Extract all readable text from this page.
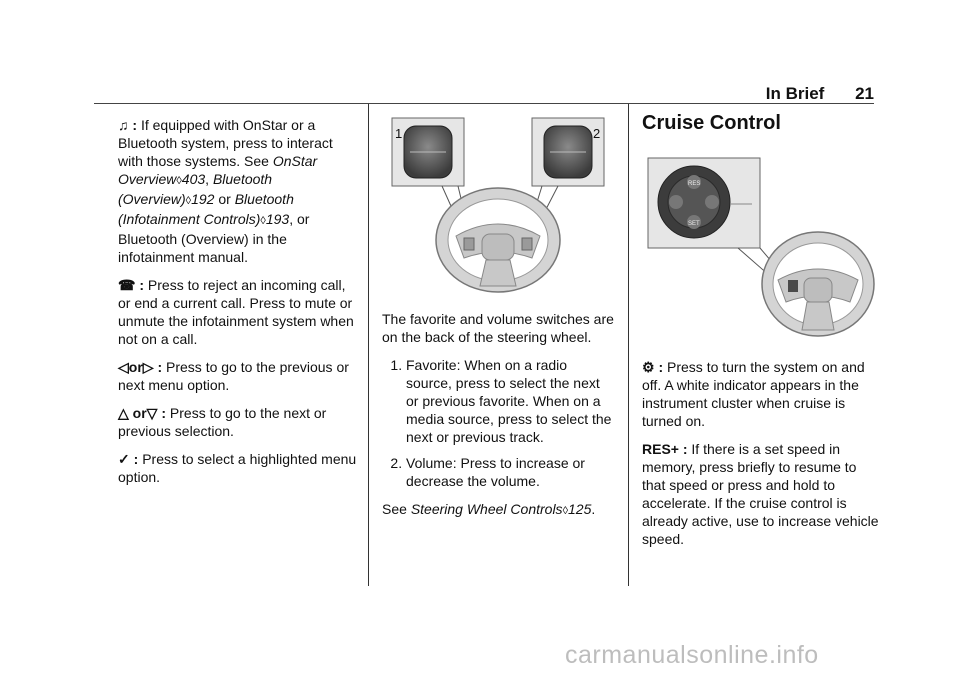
In Brief 21

♫ : If equipped with OnStar or a Bluetooth system, press to interact with those systems. See OnStar Overview◊403, Bluetooth (Overview)◊192 or Bluetooth (Infotainment Controls)◊193, or Bluetooth (Overview) in the infotainment manual.

☎ : Press to reject an incoming call, or end a current call. Press to mute or unmute the infotainment system when not on a call.

◁or▷ : Press to go to the previous or next menu option.

△ or▽ : Press to go to the next or previous selection.

✓ : Press to select a highlighted menu option.

1	2

The favorite and volume switches are on the back of the steering wheel.

1. Favorite: When on a radio source, press to select the next or previous favorite. When on a media source, press to select the next or previous track.
2. Volume: Press to increase or decrease the volume.

See Steering Wheel Controls◊125.

Cruise Control
RES
SET

⚙ : Press to turn the system on and off. A white indicator appears in the instrument cluster when cruise is turned on.

RES+ : If there is a set speed in memory, press briefly to resume to that speed or press and hold to accelerate. If the cruise control is already active, use to increase vehicle speed.

carmanualsonline.info
